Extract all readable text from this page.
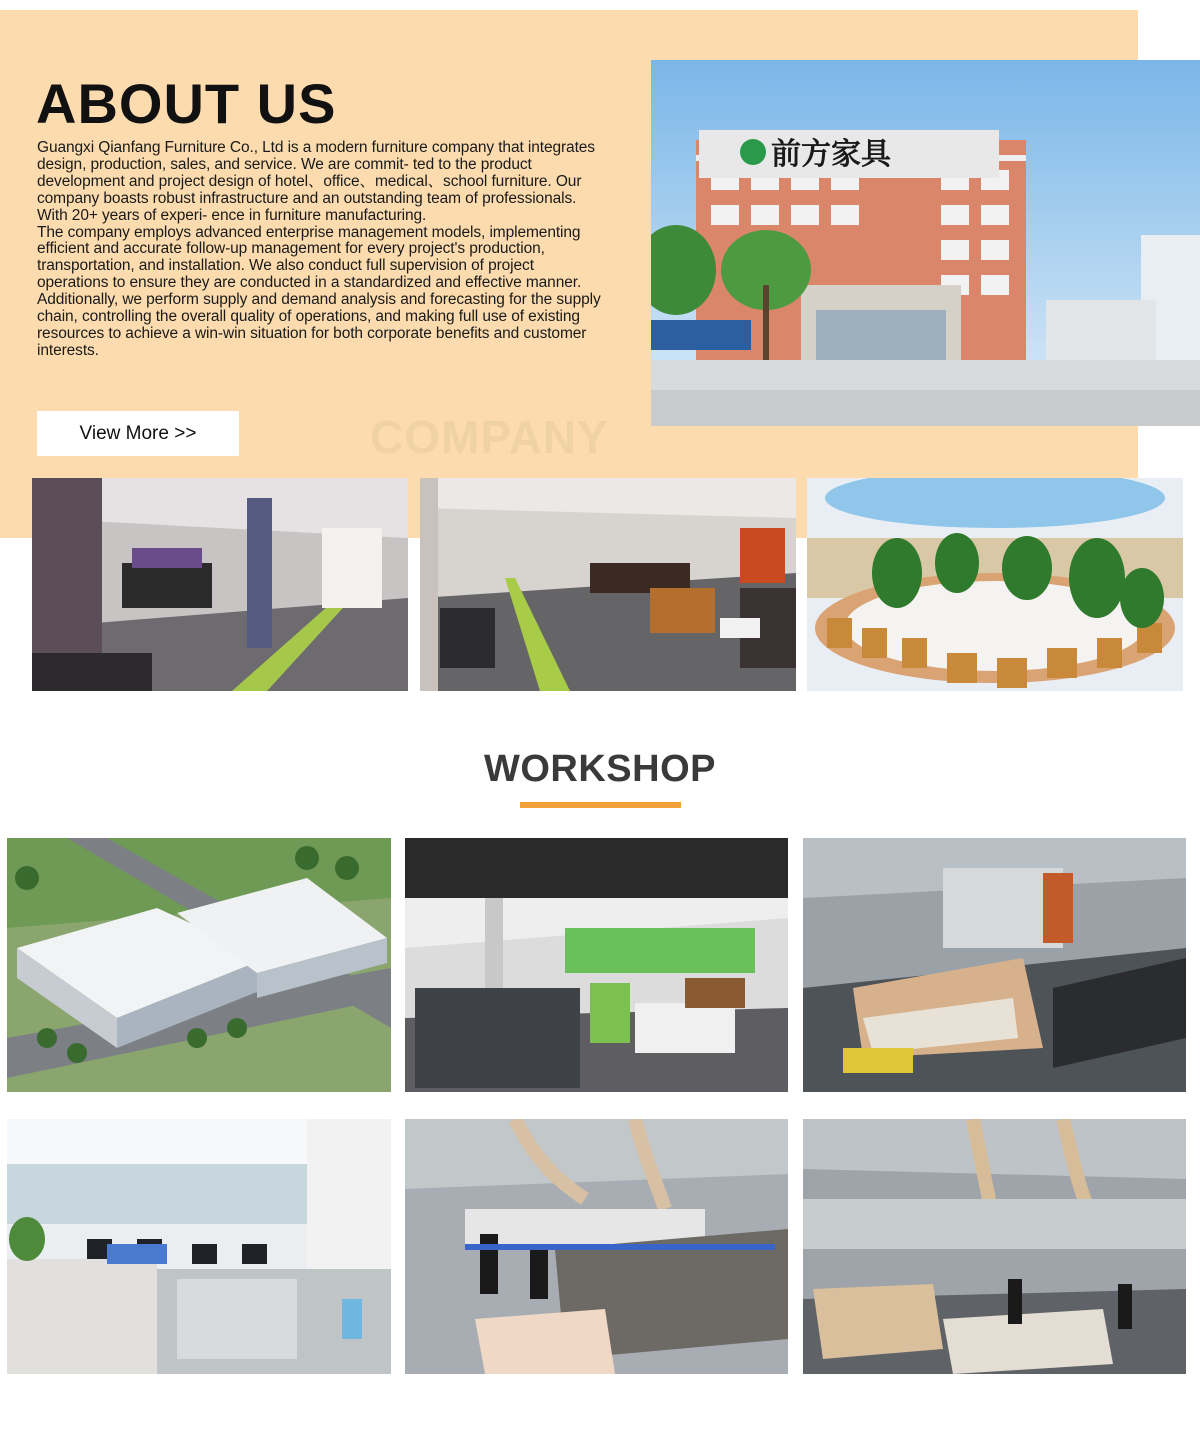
ABOUT US

Guangxi Qianfang Furniture Co., Ltd is a modern furniture company that integrates design, production, sales, and service. We are commit- ted to the product development and project design of hotel、office、medical、school furniture. Our company boasts robust infrastructure and an outstanding team of professionals. With 20+ years of experi- ence in furniture manufacturing.

The company employs advanced enterprise management models, implementing efficient and accurate follow-up management for every project's production, transportation, and installation. We also conduct full supervision of project operations to ensure they are conducted in a standardized and effective manner. Additionally, we perform supply and demand analysis and forecasting for the supply chain, controlling the overall quality of operations, and making full use of existing resources to achieve a win-win situation for both corporate benefits and customer interests.

View More >>	COMPANY
前方家具
WORKSHOP
